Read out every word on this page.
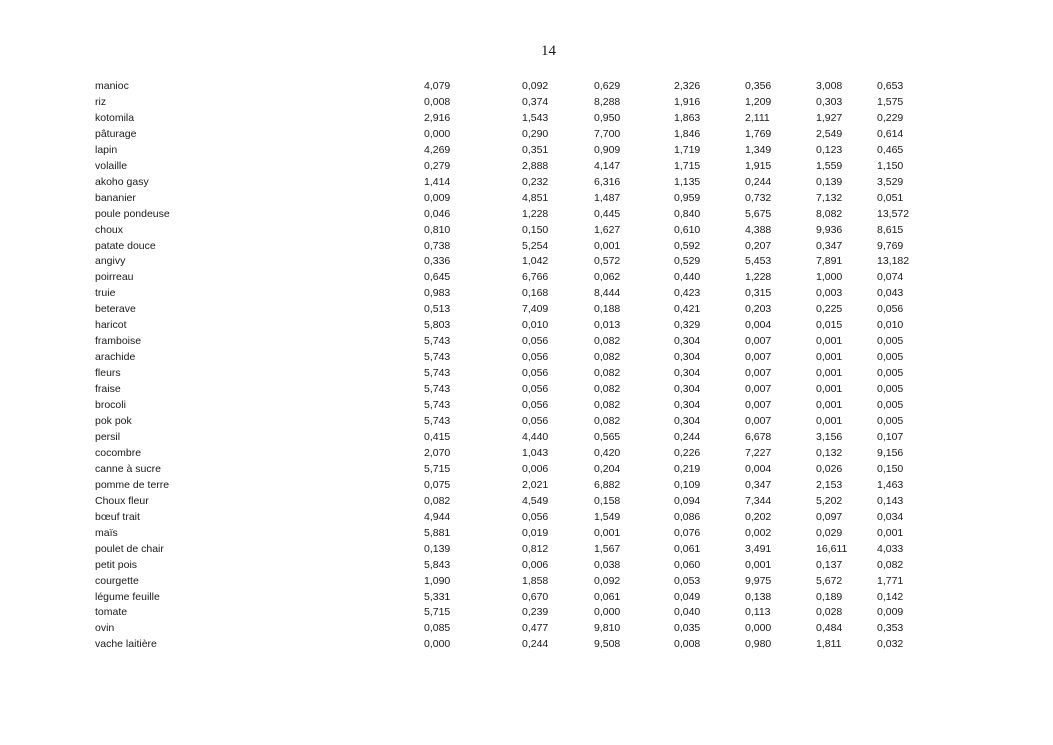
14
manioc	4,079	0,092	0,629	2,326	0,356	3,008	0,653
riz	0,008	0,374	8,288	1,916	1,209	0,303	1,575
kotomila	2,916	1,543	0,950	1,863	2,111	1,927	0,229
pâturage	0,000	0,290	7,700	1,846	1,769	2,549	0,614
lapin	4,269	0,351	0,909	1,719	1,349	0,123	0,465
volaille	0,279	2,888	4,147	1,715	1,915	1,559	1,150
akoho gasy	1,414	0,232	6,316	1,135	0,244	0,139	3,529
bananier	0,009	4,851	1,487	0,959	0,732	7,132	0,051
poule pondeuse	0,046	1,228	0,445	0,840	5,675	8,082	13,572
choux	0,810	0,150	1,627	0,610	4,388	9,936	8,615
patate douce	0,738	5,254	0,001	0,592	0,207	0,347	9,769
angivy	0,336	1,042	0,572	0,529	5,453	7,891	13,182
poirreau	0,645	6,766	0,062	0,440	1,228	1,000	0,074
truie	0,983	0,168	8,444	0,423	0,315	0,003	0,043
beterave	0,513	7,409	0,188	0,421	0,203	0,225	0,056
haricot	5,803	0,010	0,013	0,329	0,004	0,015	0,010
framboise	5,743	0,056	0,082	0,304	0,007	0,001	0,005
arachide	5,743	0,056	0,082	0,304	0,007	0,001	0,005
fleurs	5,743	0,056	0,082	0,304	0,007	0,001	0,005
fraise	5,743	0,056	0,082	0,304	0,007	0,001	0,005
brocoli	5,743	0,056	0,082	0,304	0,007	0,001	0,005
pok pok	5,743	0,056	0,082	0,304	0,007	0,001	0,005
persil	0,415	4,440	0,565	0,244	6,678	3,156	0,107
cocombre	2,070	1,043	0,420	0,226	7,227	0,132	9,156
canne à sucre	5,715	0,006	0,204	0,219	0,004	0,026	0,150
pomme de terre	0,075	2,021	6,882	0,109	0,347	2,153	1,463
Choux fleur	0,082	4,549	0,158	0,094	7,344	5,202	0,143
bœuf trait	4,944	0,056	1,549	0,086	0,202	0,097	0,034
maïs	5,881	0,019	0,001	0,076	0,002	0,029	0,001
poulet de chair	0,139	0,812	1,567	0,061	3,491	16,611	4,033
petit pois	5,843	0,006	0,038	0,060	0,001	0,137	0,082
courgette	1,090	1,858	0,092	0,053	9,975	5,672	1,771
légume feuille	5,331	0,670	0,061	0,049	0,138	0,189	0,142
tomate	5,715	0,239	0,000	0,040	0,113	0,028	0,009
ovin	0,085	0,477	9,810	0,035	0,000	0,484	0,353
vache laitière	0,000	0,244	9,508	0,008	0,980	1,811	0,032
